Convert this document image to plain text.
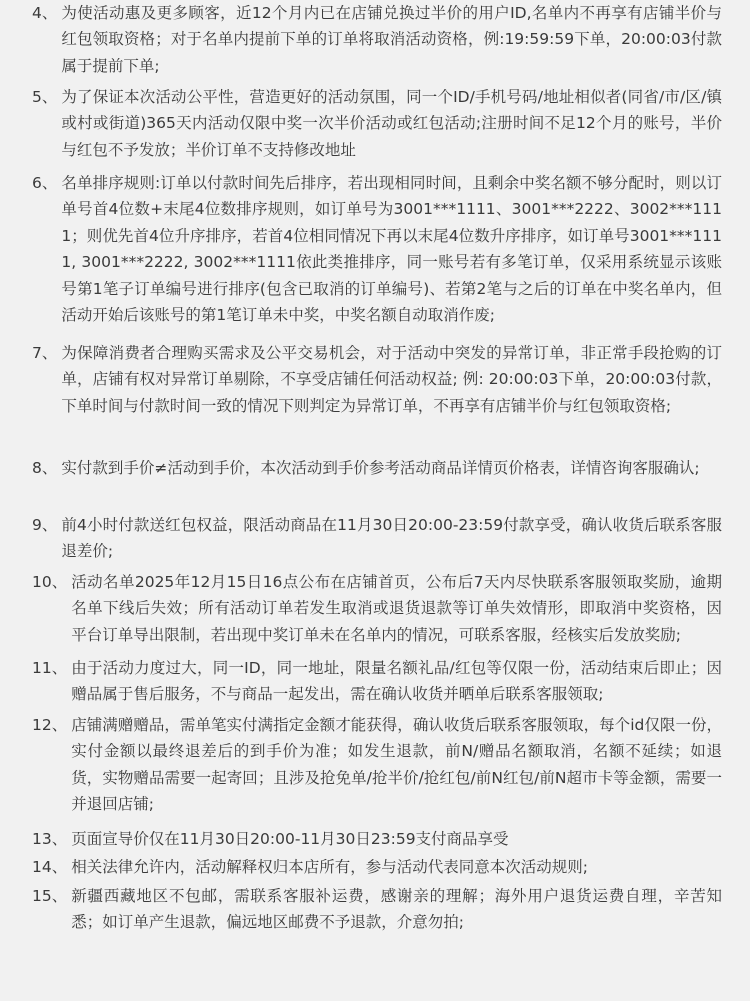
4、 为使活动惠及更多顾客，近12个月内已在店铺兑换过半价的用户ID,名单内不再享有店铺半价与红包领取资格；对于名单内提前下单的订单将取消活动资格，例:19:59:59下单，20:00:03付款属于提前下单;
5、 为了保证本次活动公平性，营造更好的活动氛围，同一个ID/手机号码/地址相似者(同省/市/区/镇或村或街道)365天内活动仅限中奖一次半价活动或红包活动;注册时间不足12个月的账号，半价与红包不予发放；半价订单不支持修改地址
6、 名单排序规则:订单以付款时间先后排序，若出现相同时间，且剩余中奖名额不够分配时，则以订单号首4位数+末尾4位数排序规则，如订单号为3001***1111、3001***2222、3002***1111；则优先首4位升序排序，若首4位相同情况下再以末尾4位数升序排序，如订单号3001***1111, 3001***2222, 3002***1111依此类推排序，同一账号若有多笔订单，仅采用系统显示该账号第1笔子订单编号进行排序(包含已取消的订单编号)、若第2笔与之后的订单在中奖名单内，但活动开始后该账号的第1笔订单未中奖，中奖名额自动取消作废;
7、 为保障消费者合理购买需求及公平交易机会，对于活动中突发的异常订单，非正常手段抢购的订单，店铺有权对异常订单剔除，不享受店铺任何活动权益; 例: 20:00:03下单，20:00:03付款，下单时间与付款时间一致的情况下则判定为异常订单，不再享有店铺半价与红包领取资格;
8、 实付款到手价≠活动到手价，本次活动到手价参考活动商品详情页价格表，详情咨询客服确认;
9、 前4小时付款送红包权益，限活动商品在11月30日20:00-23:59付款享受，确认收货后联系客服退差价;
10、 活动名单2025年12月15日16点公布在店铺首页，公布后7天内尽快联系客服领取奖励，逾期名单下线后失效；所有活动订单若发生取消或退货退款等订单失效情形，即取消中奖资格，因平台订单导出限制，若出现中奖订单未在名单内的情况，可联系客服，经核实后发放奖励;
11、 由于活动力度过大，同一ID，同一地址，限量名额礼品/红包等仅限一份，活动结束后即止；因赠品属于售后服务，不与商品一起发出，需在确认收货并晒单后联系客服领取;
12、 店铺满赠赠品，需单笔实付满指定金额才能获得，确认收货后联系客服领取，每个id仅限一份，实付金额以最终退差后的到手价为准；如发生退款，前N/赠品名额取消，名额不延续；如退货，实物赠品需要一起寄回；且涉及抢免单/抢半价/抢红包/前N红包/前N超市卡等金额，需要一并退回店铺;
13、 页面宣导价仅在11月30日20:00-11月30日23:59支付商品享受
14、 相关法律允许内，活动解释权归本店所有，参与活动代表同意本次活动规则;
15、 新疆西藏地区不包邮，需联系客服补运费，感谢亲的理解；海外用户退货运费自理，辛苦知悉；如订单产生退款，偏远地区邮费不予退款，介意勿拍;
